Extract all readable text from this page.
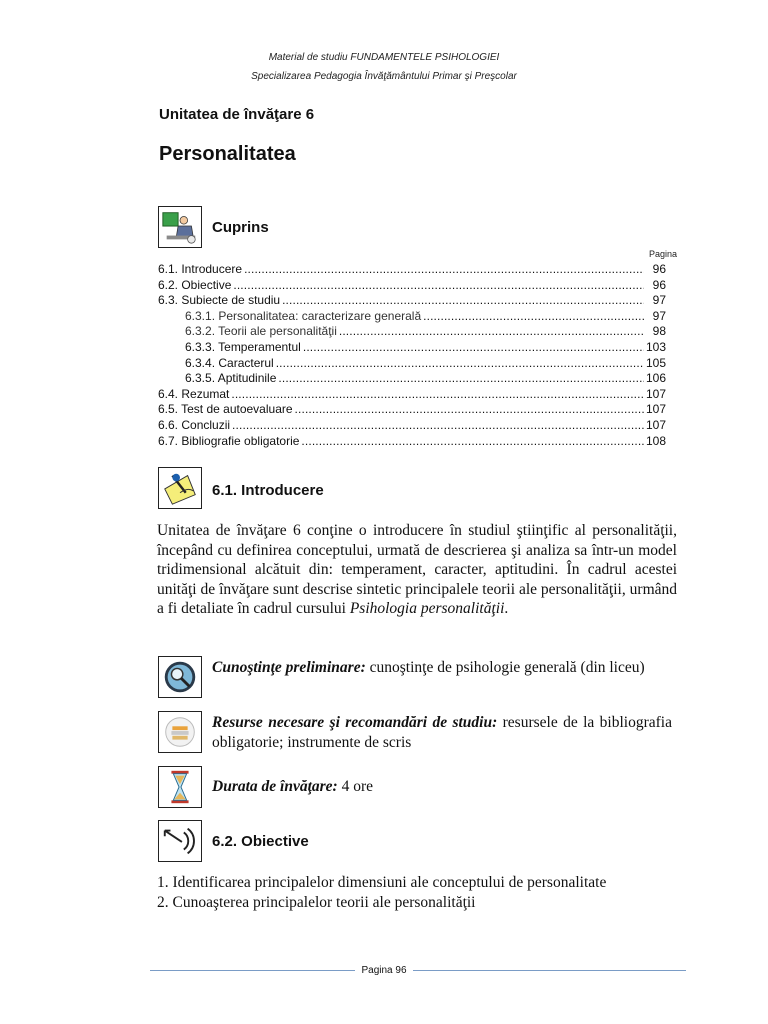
Material de studiu FUNDAMENTELE PSIHOLOGIEI
Specializarea Pedagogia Învăţământului Primar şi Preşcolar
Unitatea de învăţare 6
Personalitatea
Cuprins
Pagina
6.1. Introducere . . .	96
6.2. Obiective . . .	96
6.3. Subiecte de studiu . . .	97
6.3.1. Personalitatea: caracterizare generală . . .	97
6.3.2. Teorii ale personalităţii . . .	98
6.3.3. Temperamentul . . .	103
6.3.4. Caracterul . . .	105
6.3.5. Aptitudinile . . .	106
6.4. Rezumat . . .	107
6.5. Test de autoevaluare . . .	107
6.6. Concluzii . . .	107
6.7. Bibliografie obligatorie . . .	108
6.1. Introducere
Unitatea de învăţare 6 conţine o introducere în studiul ştiinţific al personalităţii, începând cu definirea conceptului, urmată de descrierea şi analiza sa într-un model tridimensional alcătuit din: temperament, caracter, aptitudini. În cadrul acestei unităţi de învăţare sunt descrise sintetic principalele teorii ale personalităţii, urmând a fi detaliate în cadrul cursului Psihologia personalităţii.
Cunoştinţe preliminare: cunoştinţe de psihologie generală (din liceu)
Resurse necesare şi recomandări de studiu: resursele de la bibliografia obligatorie; instrumente de scris
Durata de învăţare: 4 ore
6.2. Obiective
1. Identificarea principalelor dimensiuni ale conceptului de personalitate
2. Cunoaşterea principalelor teorii ale personalităţii
Pagina 96
